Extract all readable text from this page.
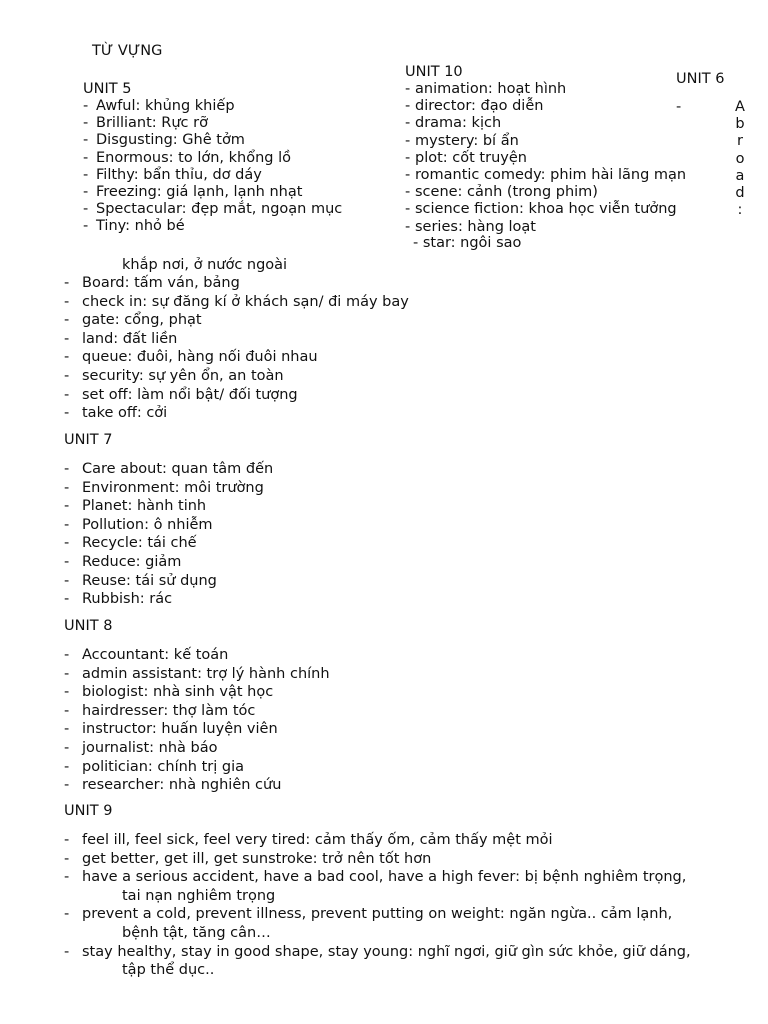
TỪ VỰNG
UNIT 5
- Awful: khủng khiếp
- Brilliant: Rực rỡ
- Disgusting: Ghê tởm
- Enormous: to lớn, khổng lồ
- Filthy: bẩn thỉu, dơ dáy
- Freezing: giá lạnh, lạnh nhạt
- Spectacular: đẹp mắt, ngoạn mục
- Tiny: nhỏ bé
UNIT 10
- animation: hoạt hình
- director: đạo diễn
- drama: kịch
- mystery: bí ẩn
- plot: cốt truyện
- romantic comedy: phim hài lãng mạn
- scene: cảnh (trong phim)
- science fiction: khoa học viễn tưởng
- series: hàng loạt
- star: ngôi sao
UNIT 6
-	A
b
r
o
a
d
:
khắp nơi, ở nước ngoài
- Board: tấm ván, bảng
- check in: sự đăng kí ở khách sạn/ đi máy bay
- gate: cổng, phạt
- land: đất liền
- queue: đuôi, hàng nối đuôi nhau
- security: sự yên ổn, an toàn
- set off: làm nổi bật/ đối tượng
- take off: cởi
UNIT 7
- Care about: quan tâm đến
- Environment: môi trường
- Planet: hành tinh
- Pollution: ô nhiễm
- Recycle: tái chế
- Reduce: giảm
- Reuse: tái sử dụng
- Rubbish: rác
UNIT 8
- Accountant: kế toán
- admin assistant: trợ lý hành chính
- biologist: nhà sinh vật học
- hairdresser: thợ làm tóc
- instructor: huấn luyện viên
- journalist: nhà báo
- politician: chính trị gia
- researcher: nhà nghiên cứu
UNIT 9
- feel ill, feel sick, feel very tired: cảm thấy ốm, cảm thấy mệt mỏi
- get better, get ill, get sunstroke: trở nên tốt hơn
- have a serious accident, have a bad cool, have a high fever: bị bệnh nghiêm trọng,
tai nạn nghiêm trọng
- prevent a cold, prevent illness, prevent putting on weight: ngăn ngừa.. cảm lạnh,
bệnh tật, tăng cân…
- stay healthy, stay in good shape, stay young: nghĩ ngơi, giữ gìn sức khỏe, giữ dáng,
tập thể dục..
